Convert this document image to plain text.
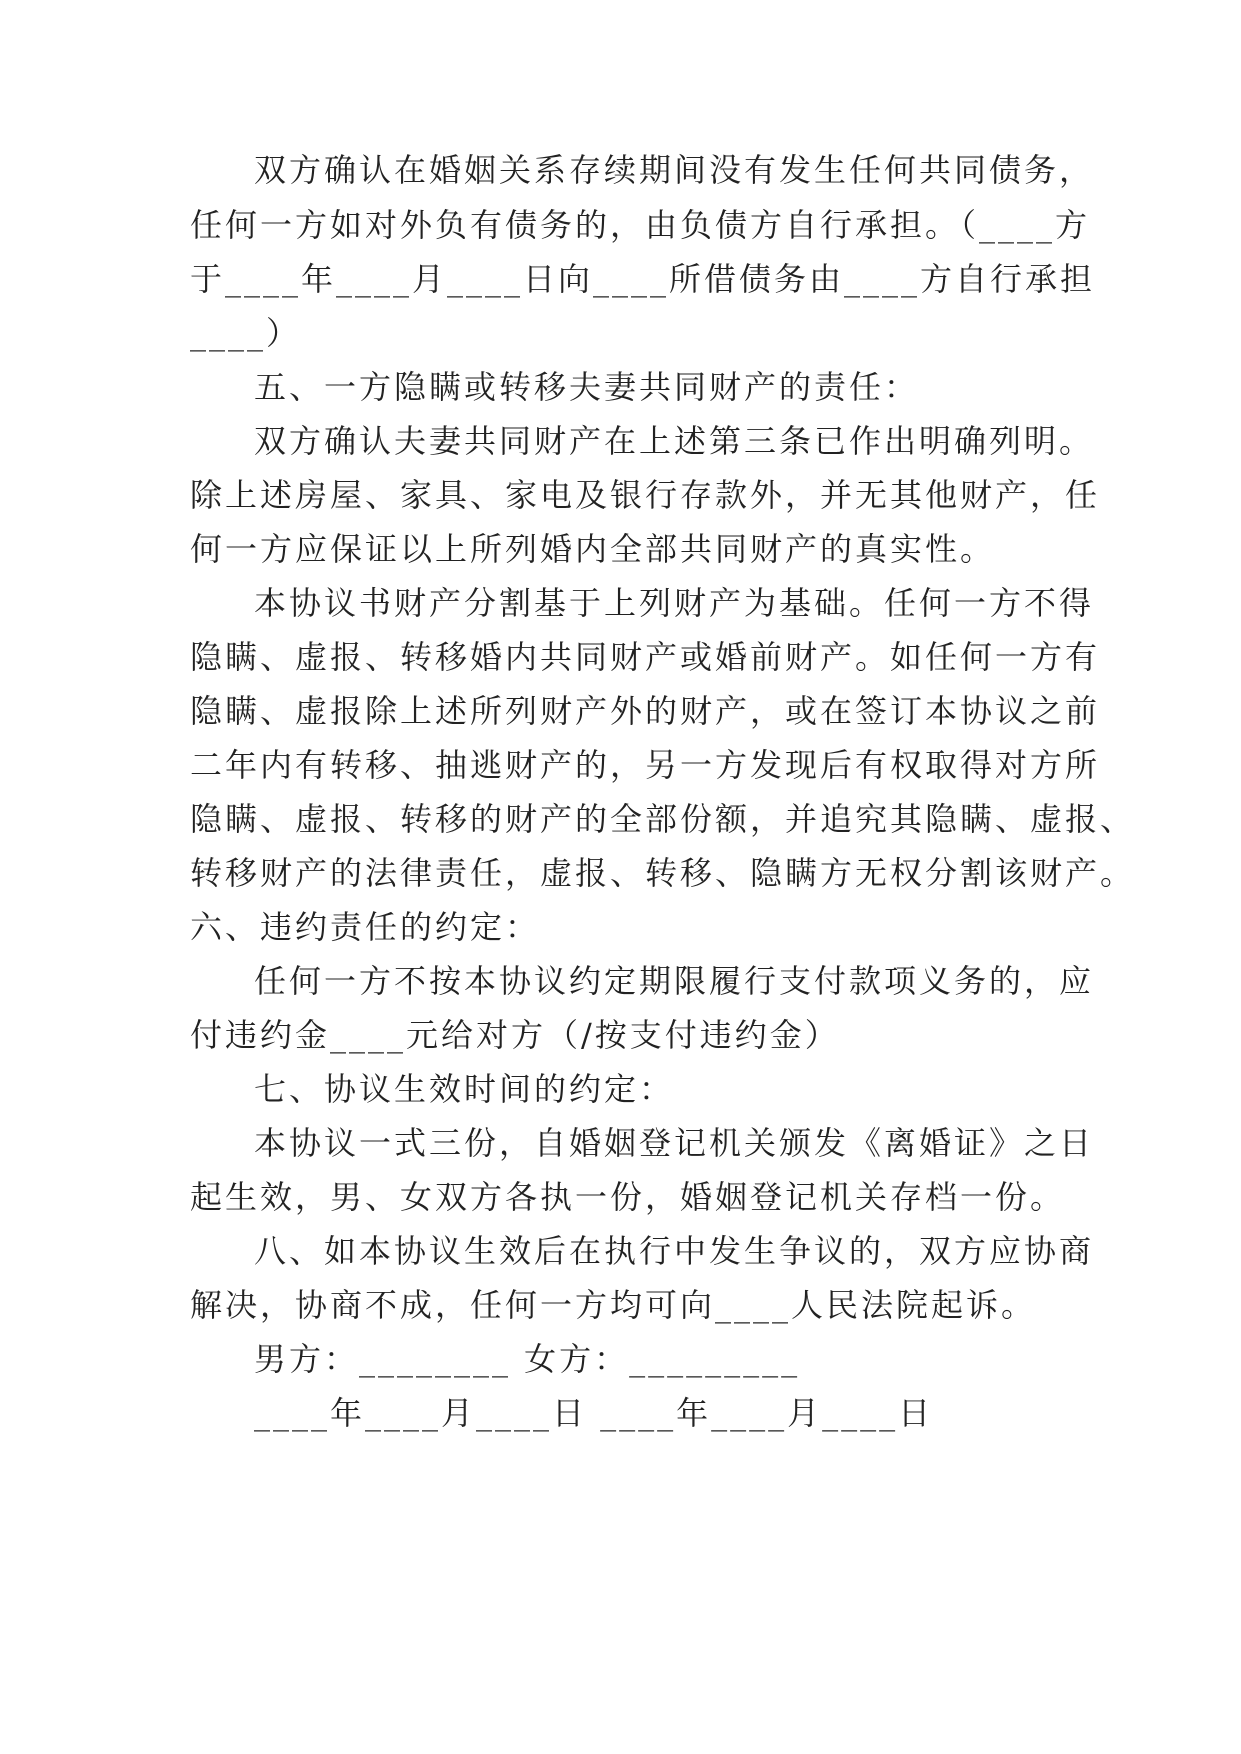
双方确认在婚姻关系存续期间没有发生任何共同债务，

任何一方如对外负有债务的，由负债方自行承担。（____方

于____年____月____日向____所借债务由____方自行承担

____）

五、一方隐瞒或转移夫妻共同财产的责任：

双方确认夫妻共同财产在上述第三条已作出明确列明。

除上述房屋、家具、家电及银行存款外，并无其他财产，任

何一方应保证以上所列婚内全部共同财产的真实性。

本协议书财产分割基于上列财产为基础。任何一方不得

隐瞒、虚报、转移婚内共同财产或婚前财产。如任何一方有

隐瞒、虚报除上述所列财产外的财产，或在签订本协议之前

二年内有转移、抽逃财产的，另一方发现后有权取得对方所

隐瞒、虚报、转移的财产的全部份额，并追究其隐瞒、虚报、

转移财产的法律责任，虚报、转移、隐瞒方无权分割该财产。

六、违约责任的约定：

任何一方不按本协议约定期限履行支付款项义务的，应

付违约金____元给对方（/按支付违约金）

七、协议生效时间的约定：

本协议一式三份，自婚姻登记机关颁发《离婚证》之日

起生效，男、女双方各执一份，婚姻登记机关存档一份。

八、如本协议生效后在执行中发生争议的，双方应协商

解决，协商不成，任何一方均可向____人民法院起诉。

男方：________ 女方：_________

____年____月____日 ____年____月____日
